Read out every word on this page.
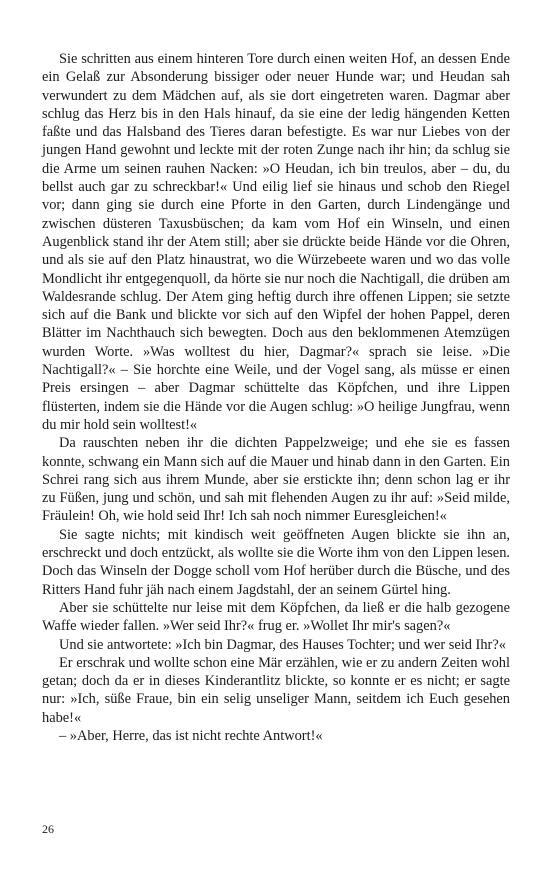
Sie schritten aus einem hinteren Tore durch einen weiten Hof, an dessen Ende ein Gelaß zur Absonderung bissiger oder neuer Hunde war; und Heudan sah verwundert zu dem Mädchen auf, als sie dort eingetreten waren. Dagmar aber schlug das Herz bis in den Hals hinauf, da sie eine der ledig hängenden Ketten faßte und das Halsband des Tieres daran befestigte. Es war nur Liebes von der jungen Hand gewohnt und leckte mit der roten Zunge nach ihr hin; da schlug sie die Arme um seinen rauhen Nacken: »O Heudan, ich bin treulos, aber – du, du bellst auch gar zu schreckbar!« Und eilig lief sie hinaus und schob den Riegel vor; dann ging sie durch eine Pforte in den Garten, durch Lindengänge und zwischen düsteren Taxusbüschen; da kam vom Hof ein Winseln, und einen Augenblick stand ihr der Atem still; aber sie drückte beide Hände vor die Ohren, und als sie auf den Platz hinaustrat, wo die Würzebeete waren und wo das volle Mondlicht ihr entgegenquoll, da hörte sie nur noch die Nachtigall, die drüben am Waldesrande schlug. Der Atem ging heftig durch ihre offenen Lippen; sie setzte sich auf die Bank und blickte vor sich auf den Wipfel der hohen Pappel, deren Blätter im Nachthauch sich bewegten. Doch aus den beklommenen Atemzügen wurden Worte. »Was wolltest du hier, Dagmar?« sprach sie leise. »Die Nachtigall?« – Sie horchte eine Weile, und der Vogel sang, als müsse er einen Preis ersingen – aber Dagmar schüttelte das Köpfchen, und ihre Lippen flüsterten, indem sie die Hände vor die Augen schlug: »O heilige Jungfrau, wenn du mir hold sein wolltest!«

Da rauschten neben ihr die dichten Pappelzweige; und ehe sie es fassen konnte, schwang ein Mann sich auf die Mauer und hinab dann in den Garten. Ein Schrei rang sich aus ihrem Munde, aber sie erstickte ihn; denn schon lag er ihr zu Füßen, jung und schön, und sah mit flehenden Augen zu ihr auf: »Seid milde, Fräulein! Oh, wie hold seid Ihr! Ich sah noch nimmer Euresgleichen!«

Sie sagte nichts; mit kindisch weit geöffneten Augen blickte sie ihn an, erschreckt und doch entzückt, als wollte sie die Worte ihm von den Lippen lesen. Doch das Winseln der Dogge scholl vom Hof herüber durch die Büsche, und des Ritters Hand fuhr jäh nach einem Jagdstahl, der an seinem Gürtel hing.

Aber sie schüttelte nur leise mit dem Köpfchen, da ließ er die halb gezogene Waffe wieder fallen. »Wer seid Ihr?« frug er. »Wollet Ihr mir's sagen?«

Und sie antwortete: »Ich bin Dagmar, des Hauses Tochter; und wer seid Ihr?«

Er erschrak und wollte schon eine Mär erzählen, wie er zu andern Zeiten wohl getan; doch da er in dieses Kinderantlitz blickte, so konnte er es nicht; er sagte nur: »Ich, süße Fraue, bin ein selig unseliger Mann, seitdem ich Euch gesehen habe!«

– »Aber, Herre, das ist nicht rechte Antwort!«

26
